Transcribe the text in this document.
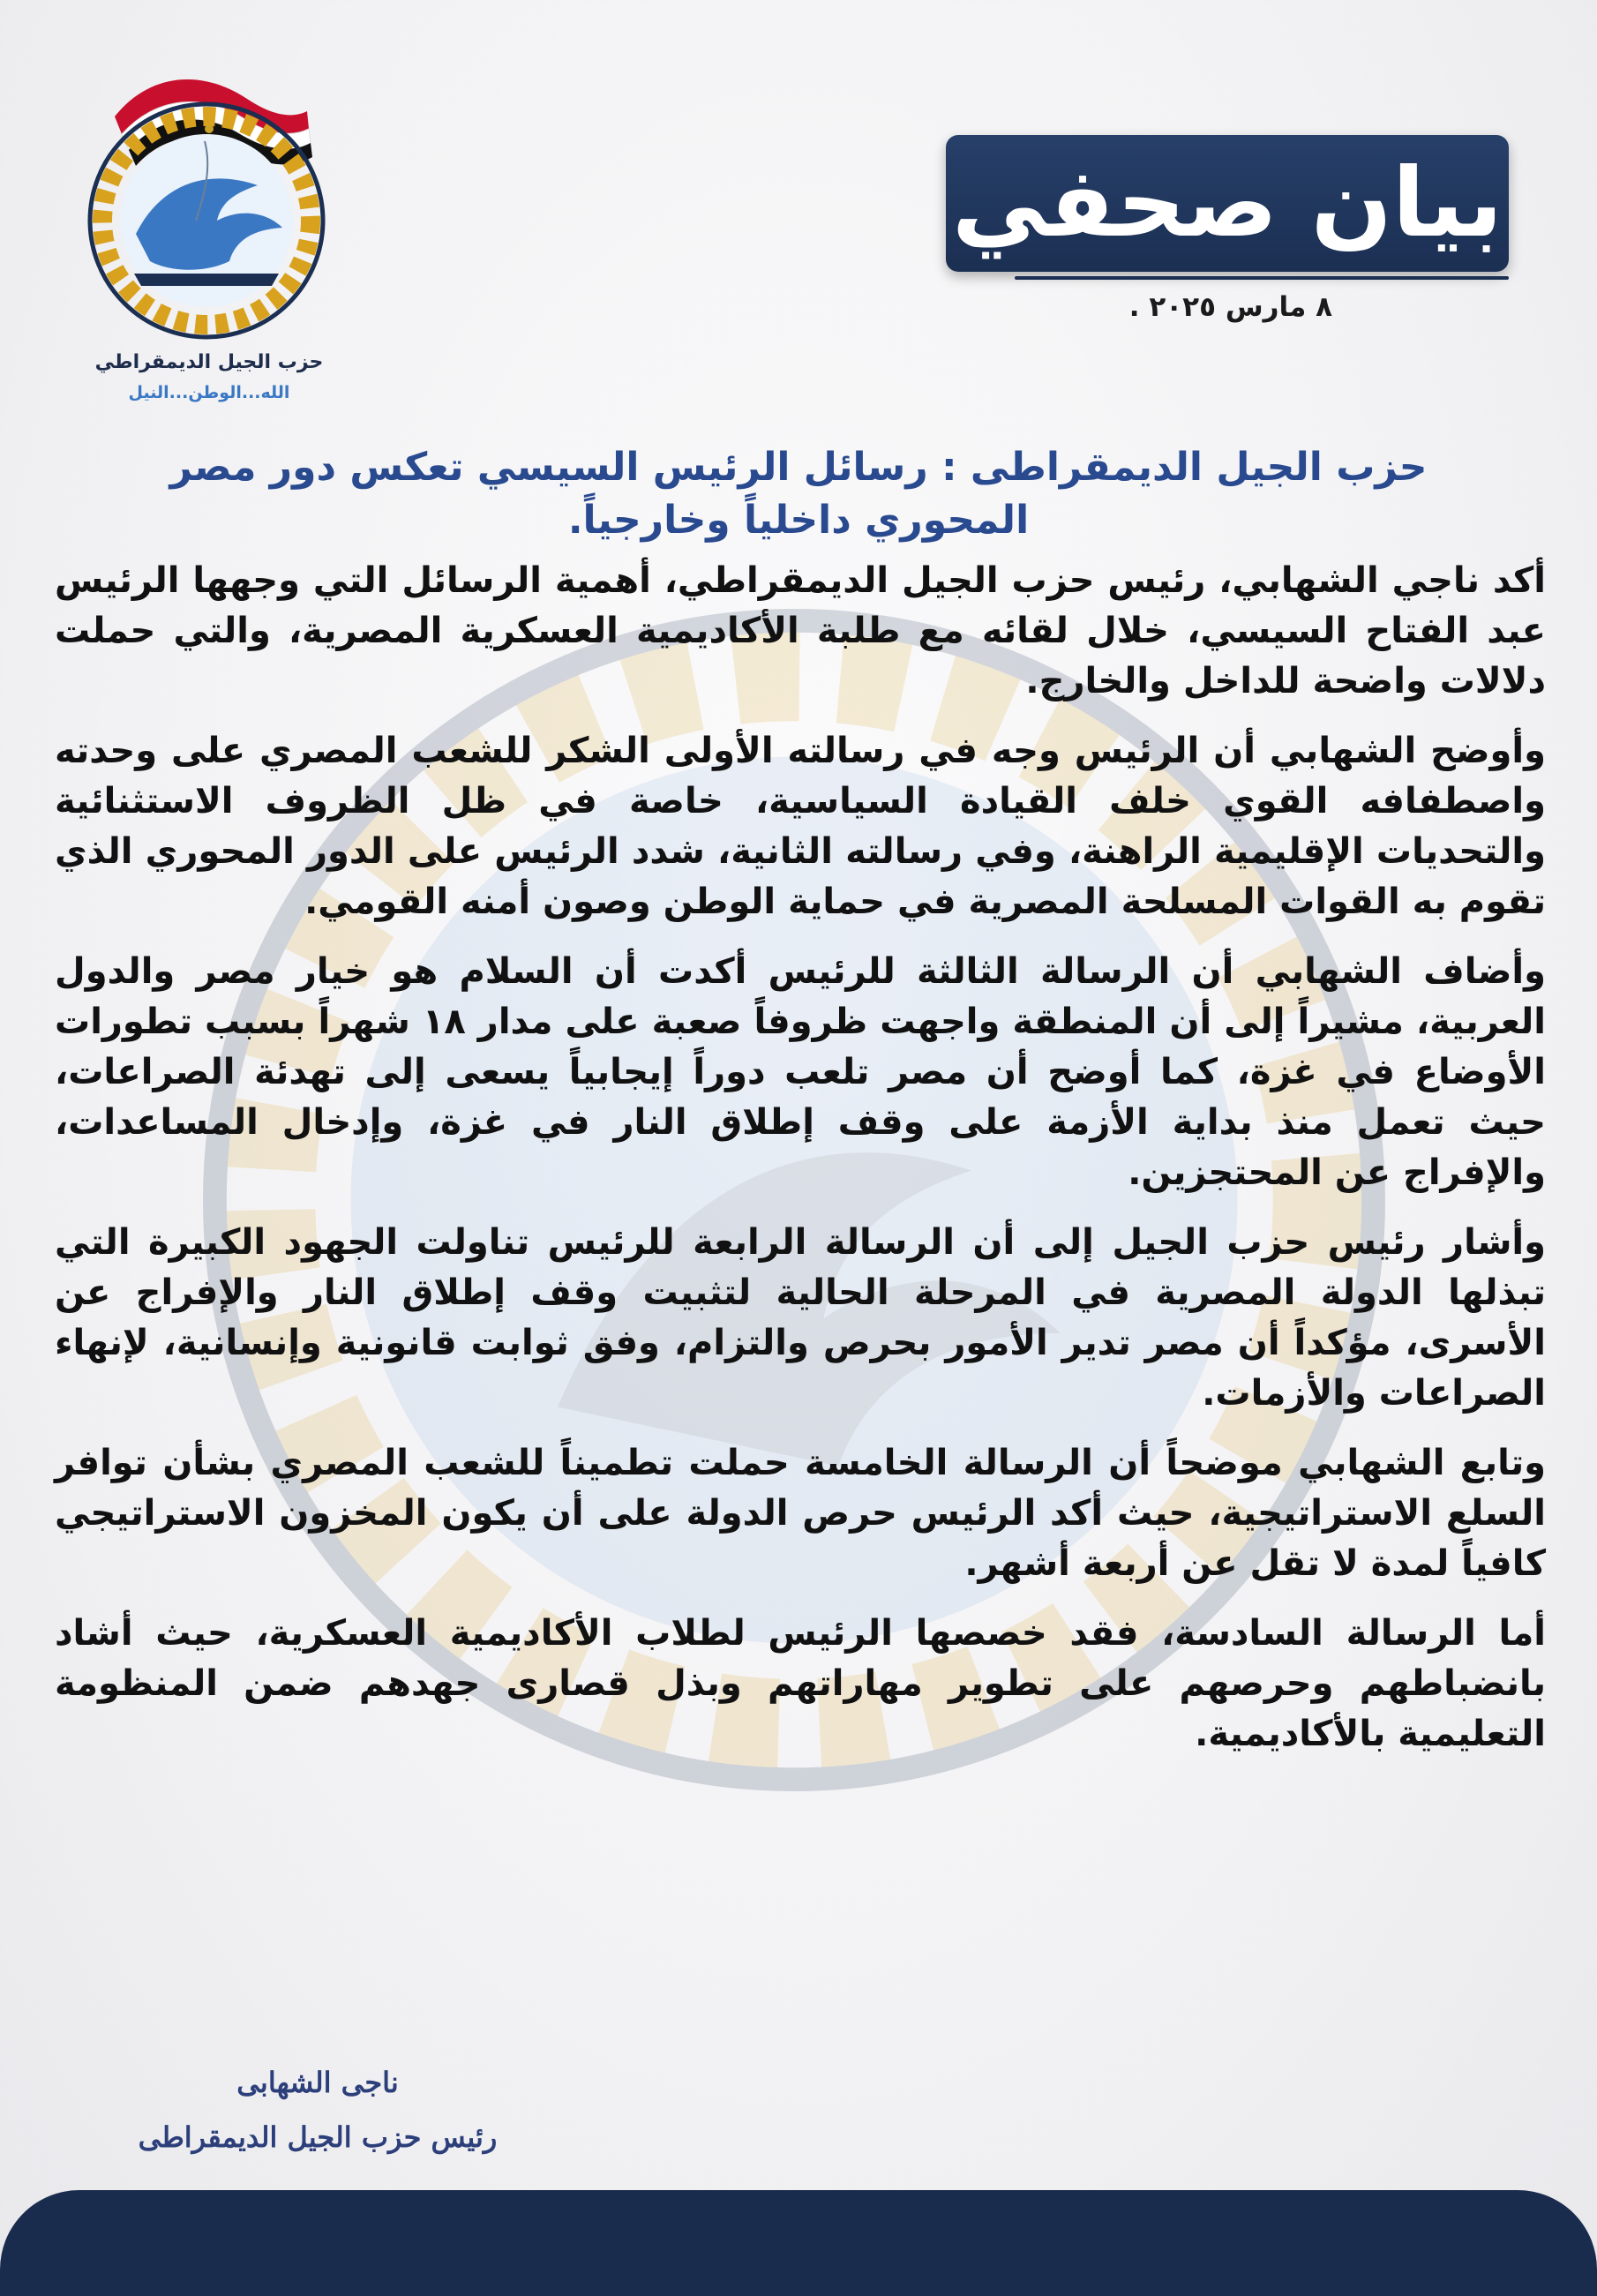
حزب الجيل الديمقراطي
الله...الوطن...النيل
بيان صحفي
٨ مارس ٢٠٢٥ .
حزب الجيل الديمقراطى : رسائل الرئيس السيسي تعكس دور مصر
المحوري داخلياً وخارجياً.

أكد ناجي الشهابي، رئيس حزب الجيل الديمقراطي، أهمية الرسائل التي وجهها الرئيس عبد الفتاح السيسي، خلال لقائه مع طلبة الأكاديمية العسكرية المصرية، والتي حملت دلالات واضحة للداخل والخارج.

وأوضح الشهابي أن الرئيس وجه في رسالته الأولى الشكر للشعب المصري على وحدته واصطفافه القوي خلف القيادة السياسية، خاصة في ظل الظروف الاستثنائية والتحديات الإقليمية الراهنة، وفي رسالته الثانية، شدد الرئيس على الدور المحوري الذي تقوم به القوات المسلحة المصرية في حماية الوطن وصون أمنه القومي.

وأضاف الشهابي أن الرسالة الثالثة للرئيس أكدت أن السلام هو خيار مصر والدول العربية، مشيراً إلى أن المنطقة واجهت ظروفاً صعبة على مدار ١٨ شهراً بسبب تطورات الأوضاع في غزة، كما أوضح أن مصر تلعب دوراً إيجابياً يسعى إلى تهدئة الصراعات، حيث تعمل منذ بداية الأزمة على وقف إطلاق النار في غزة، وإدخال المساعدات، والإفراج عن المحتجزين.

وأشار رئيس حزب الجيل إلى أن الرسالة الرابعة للرئيس تناولت الجهود الكبيرة التي تبذلها الدولة المصرية في المرحلة الحالية لتثبيت وقف إطلاق النار والإفراج عن الأسرى، مؤكداً أن مصر تدير الأمور بحرص والتزام، وفق ثوابت قانونية وإنسانية، لإنهاء الصراعات والأزمات.

وتابع الشهابي موضحاً أن الرسالة الخامسة حملت تطميناً للشعب المصري بشأن توافر السلع الاستراتيجية، حيث أكد الرئيس حرص الدولة على أن يكون المخزون الاستراتيجي كافياً لمدة لا تقل عن أربعة أشهر.

أما الرسالة السادسة، فقد خصصها الرئيس لطلاب الأكاديمية العسكرية، حيث أشاد بانضباطهم وحرصهم على تطوير مهاراتهم وبذل قصارى جهدهم ضمن المنظومة التعليمية بالأكاديمية.

ناجى الشهابى
رئيس حزب الجيل الديمقراطى
